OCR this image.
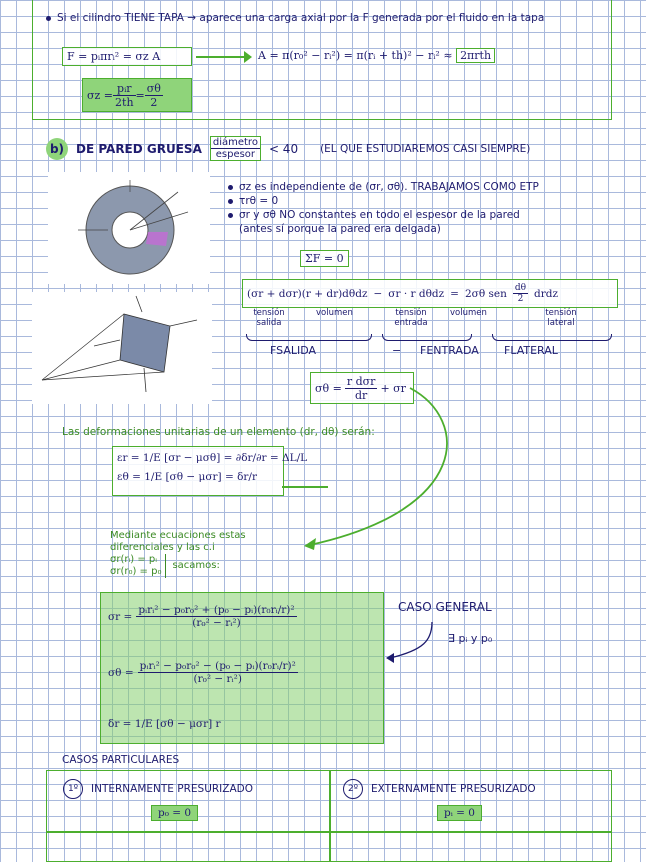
Si el cilindro TIENE TAPA → aparece una carga axial por la F generada por el fluido en la tapa
F = pᵢπrᵢ² = σz A	A = π(r₀² − rᵢ²) = π(rᵢ + th)² − rᵢ² ≈ 2πrth
$\sigma z = \frac{\text{pᵢr}}{2th} = \frac{\sigma\theta}{2}$
b) DE PARED GRUESA $\frac{\text{diámetro}}{\text{espesor}} < 40$ (EL QUE ESTUDIAREMOS CASI SIEMPRE)
σz es independiente de (σr, σθ). TRABAJAMOS COMO ETP
τrθ = 0
σr y σθ NO constantes en todo el espesor de la pared
(antes sí porque la pared era delgada)
ΣF = 0
(σr + dσr)(r + dr)dθdz − σr · r dθdz = 2σθ sen $\frac{d\theta}{2}$ drdz
tensión salida
volumen	tensión entrada
volumen	tensión lateral
FSALIDA	− FENTRADA FLATERAL
$\sigma\theta = \frac{\text{r dσr}}{dr} + \sigma r$
Las deformaciones unitarias de un elemento (dr, dθ) serán:
εr = 1/E [σr − μσθ] = ∂δr/∂r = ΔL/L
εθ = 1/E [σθ − μσr] = δr/r
Mediante ecuaciones estas
diferenciales y las c.i
σr(rᵢ) = pᵢ
σr(r₀) = p₀
sacamos:
$\sigma r = \frac{\text{pᵢrᵢ² − p₀r₀² + (p₀ − pᵢ)(r₀rᵢ/r)²}}{\text{(r₀² − rᵢ²)}}$
$\sigma\theta = \frac{\text{pᵢrᵢ² − p₀r₀² − (p₀ − pᵢ)(r₀rᵢ/r)²}}{\text{(r₀² − rᵢ²)}}$
δr = 1/E [σθ − μσr] r
CASO GENERAL
∃ pᵢ y p₀
CASOS PARTICULARES
1º	INTERNAMENTE PRESURIZADO
p₀ = 0
2º	EXTERNAMENTE PRESURIZADO
pᵢ = 0
